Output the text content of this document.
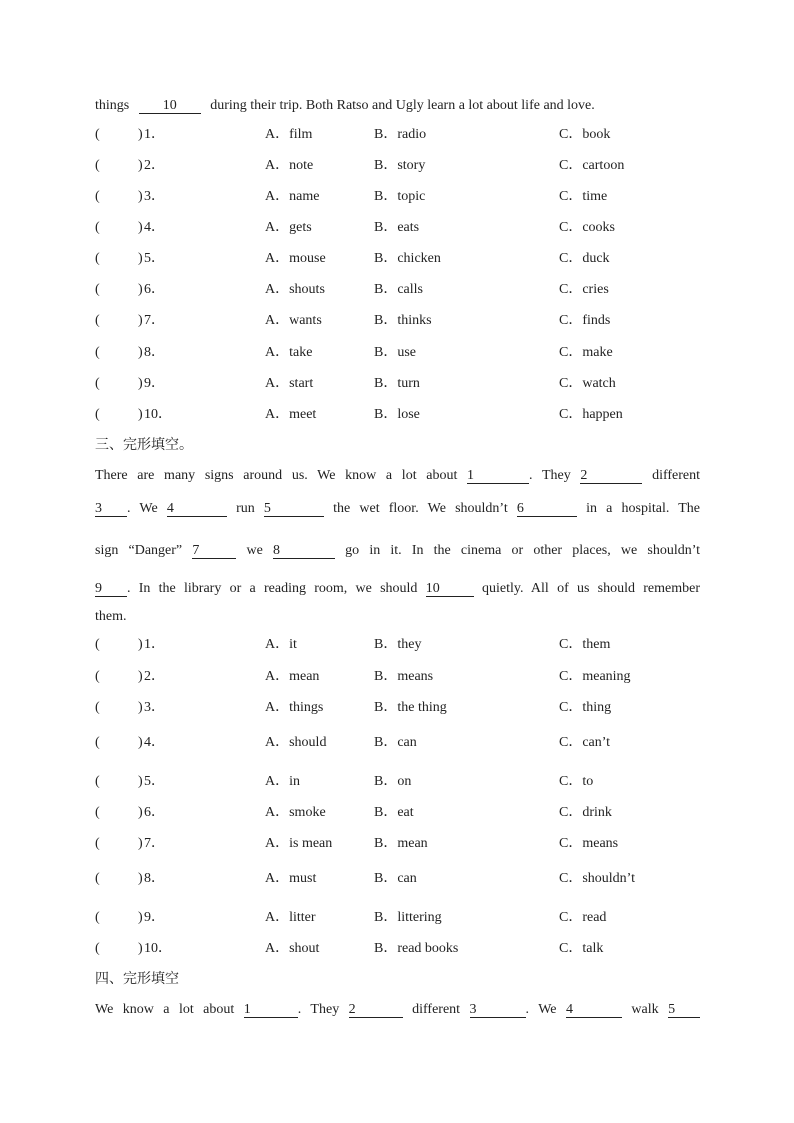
things 10 during their trip. Both Ratso and Ugly learn a lot about life and love.
(	) 1．	A．film	B．radio	C．book
(	) 2．	A．note	B．story	C．cartoon
(	) 3．	A．name	B．topic	C．time
(	) 4．	A．gets	B．eats	C．cooks
(	) 5．	A．mouse	B．chicken	C．duck
(	) 6．	A．shouts	B．calls	C．cries
(	) 7．	A．wants	B．thinks	C．finds
(	) 8．	A．take	B．use	C．make
(	) 9．	A．start	B．turn	C．watch
(	) 10．	A．meet	B．lose	C．happen
三、完形填空。
There are many signs around us. We know a lot about 1	. They 2	different
3 . We 4	run 5	the wet floor. We shouldn’t 6	in a hospital. The
sign “Danger” 7	we 8	go in it. In the cinema or other places, we shouldn’t
9 . In the library or a reading room, we should 10	quietly. All of us should remember
them.
(	) 1．	A．it	B．they	C．them
(	) 2．	A．mean	B．means	C．meaning
(	) 3．	A．things	B．the thing	C．thing
(	) 4．	A．should	B．can	C．can’t
(	) 5．	A．in	B．on	C．to
(	) 6．	A．smoke	B．eat	C．drink
(	) 7．	A．is mean	B．mean	C．means
(	) 8．	A．must	B．can	C．shouldn’t
(	) 9．	A．litter	B．littering	C．read
(	) 10．	A．shout	B．read books	C．talk
四、完形填空
We know a lot about 1	. They 2	different 3	. We 4	walk 5
